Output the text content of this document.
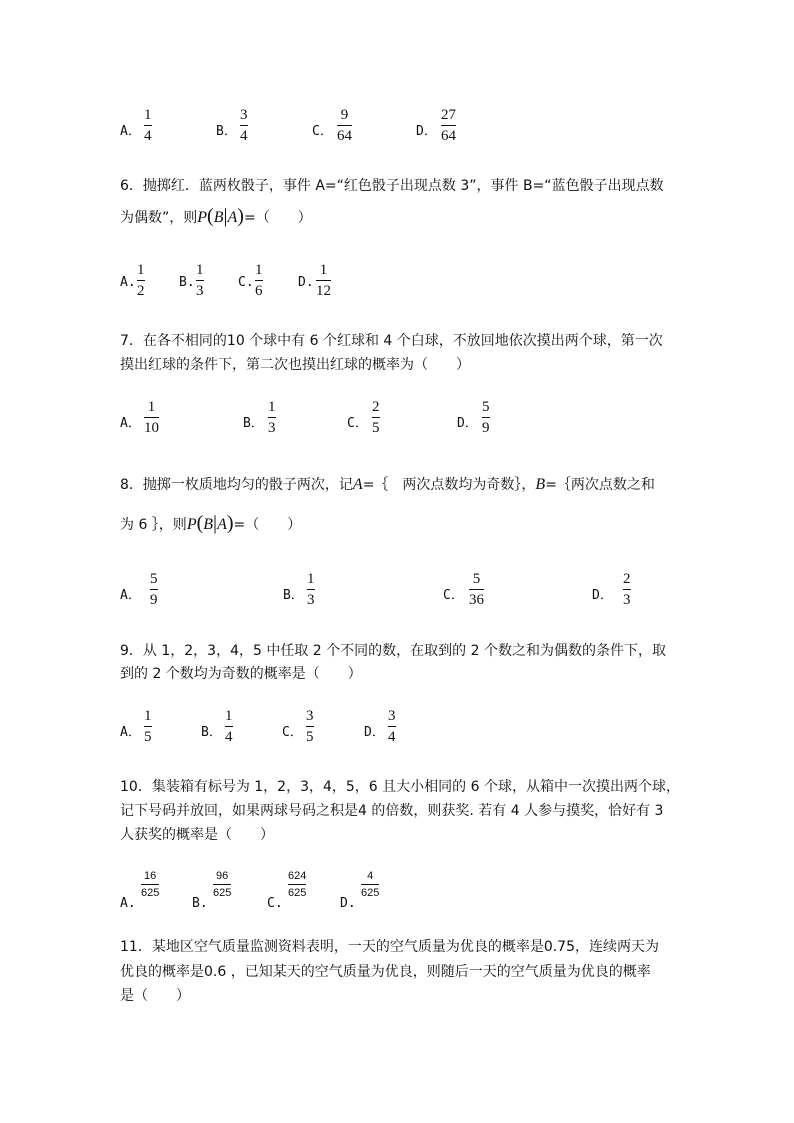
A．
1
4	B．
3
4	C．
9
64	D．
27
64
6．抛掷红．蓝两枚骰子，事件 A=“红色骰子出现点数 3”，事件 B=“蓝色骰子出现点数
为偶数”，则P(B|A)=（　　）
A.
1
2
B.
1
3
C.
1
6
D.
1
12
7．在各不相同的10 个球中有 6 个红球和 4 个白球，不放回地依次摸出两个球，第一次
摸出红球的条件下，第二次也摸出红球的概率为（　　）
A．
1
10	B．
1
3	C．
2
5	D．
5
9
8．抛掷一枚质地均匀的骰子两次，记A=｛　两次点数均为奇数｝，B=｛两次点数之和
为 6 ｝，则P(B|A)=（　　）
A．
5
9	B．
1
3	C．
5
36	D．
2
3
9．从 1，2，3，4，5 中任取 2 个不同的数，在取到的 2 个数之和为偶数的条件下，取
到的 2 个数均为奇数的概率是（　　）
A．
1
5	B．
1
4	C．
3
5	D．
3
4
10．集装箱有标号为 1，2，3，4，5，6 且大小相同的 6 个球，从箱中一次摸出两个球，
记下号码并放回，如果两球号码之积是4 的倍数，则获奖. 若有 4 人参与摸奖，恰好有 3
人获奖的概率是（　　）
A.
16
625
B.
96
625
C.
624
625
D.
4
625
11．某地区空气质量监测资料表明，一天的空气质量为优良的概率是0.75，连续两天为
优良的概率是0.6 ，已知某天的空气质量为优良，则随后一天的空气质量为优良的概率
是（　　）
